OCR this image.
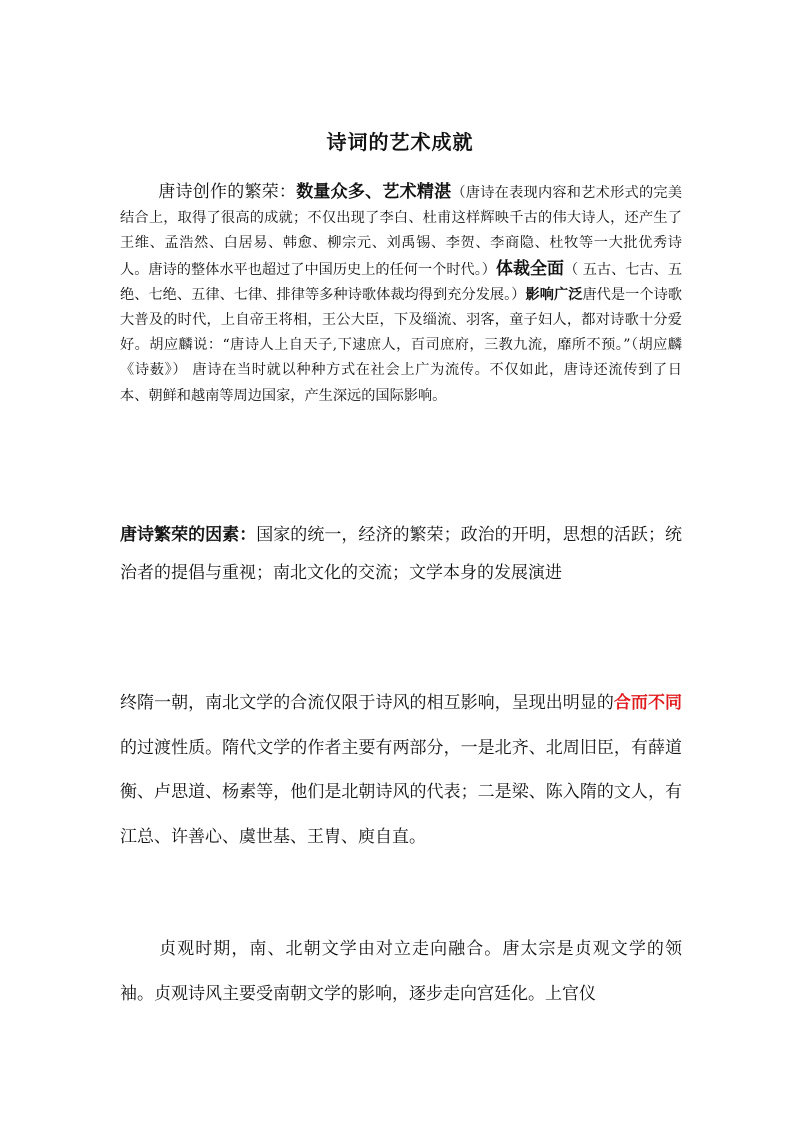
诗词的艺术成就

唐诗创作的繁荣：数量众多、艺术精湛（唐诗在表现内容和艺术形式的完美结合上，取得了很高的成就；不仅出现了李白、杜甫这样辉映千古的伟大诗人，还产生了王维、孟浩然、白居易、韩愈、柳宗元、刘禹锡、李贺、李商隐、杜牧等一大批优秀诗人。唐诗的整体水平也超过了中国历史上的任何一个时代。）体裁全面（ 五古、七古、五绝、七绝、五律、七律、排律等多种诗歌体裁均得到充分发展。）影响广泛唐代是一个诗歌大普及的时代，上自帝王将相，王公大臣，下及缁流、羽客，童子妇人，都对诗歌十分爱好。胡应麟说：“唐诗人上自天子,下逮庶人，百司庶府，三教九流，靡所不预。”（胡应麟《诗薮》） 唐诗在当时就以种种方式在社会上广为流传。不仅如此，唐诗还流传到了日本、朝鲜和越南等周边国家，产生深远的国际影响。

唐诗繁荣的因素：国家的统一，经济的繁荣；政治的开明，思想的活跃；统治者的提倡与重视；南北文化的交流；文学本身的发展演进

终隋一朝，南北文学的合流仅限于诗风的相互影响，呈现出明显的合而不同的过渡性质。隋代文学的作者主要有两部分，一是北齐、北周旧臣，有薛道衡、卢思道、杨素等，他们是北朝诗风的代表；二是梁、陈入隋的文人，有江总、许善心、虞世基、王胄、庾自直。

贞观时期，南、北朝文学由对立走向融合。唐太宗是贞观文学的领袖。贞观诗风主要受南朝文学的影响，逐步走向宫廷化。上官仪
